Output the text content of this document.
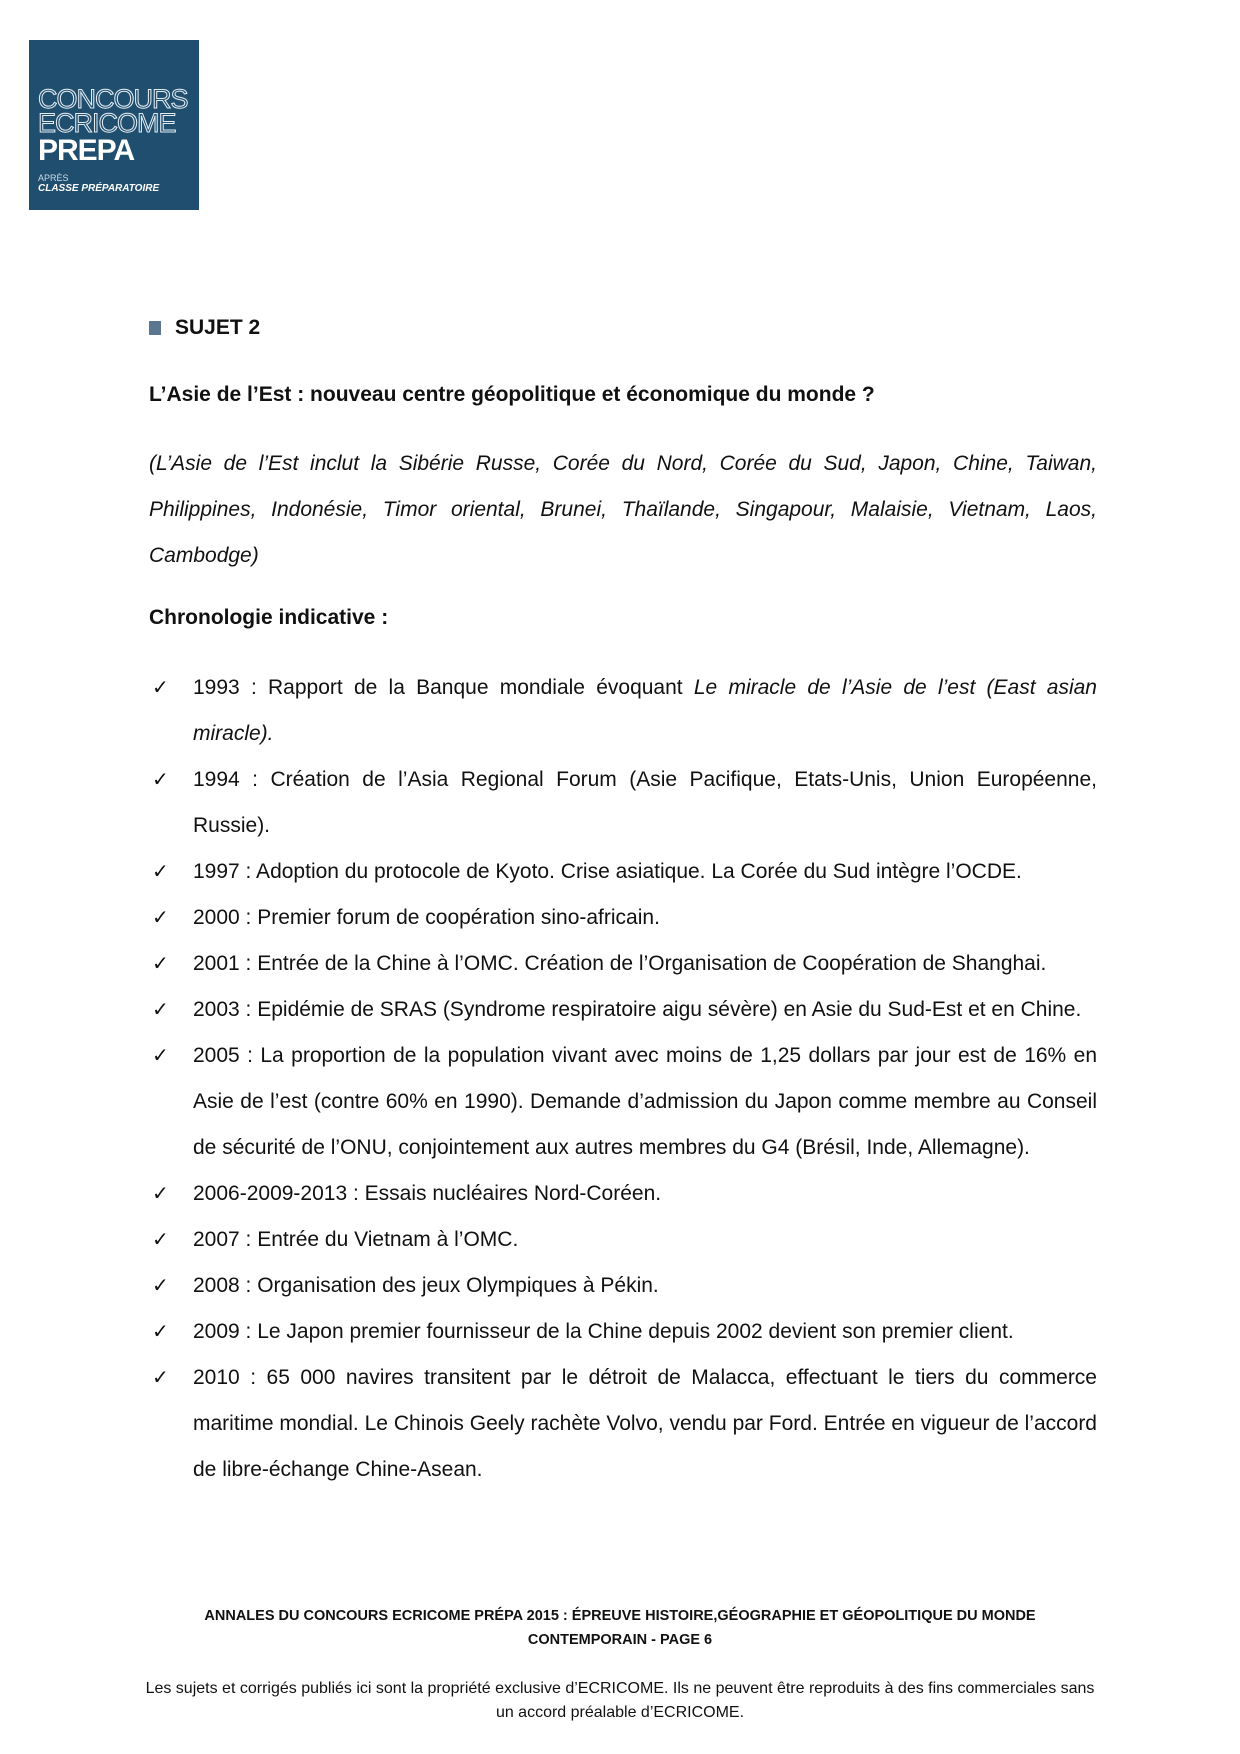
CONCOURS
ECRICOME
PREPA
APRÈS
CLASSE PRÉPARATOIRE
SUJET 2
L’Asie de l’Est : nouveau centre géopolitique et économique du monde ?
(L’Asie de l’Est inclut la Sibérie Russe, Corée du Nord, Corée du Sud, Japon, Chine, Taiwan, Philippines, Indonésie, Timor oriental, Brunei, Thaïlande, Singapour, Malaisie, Vietnam, Laos, Cambodge)
Chronologie indicative :
✓ 1993 : Rapport de la Banque mondiale évoquant Le miracle de l’Asie de l’est (East asian miracle).
✓ 1994 : Création de l’Asia Regional Forum (Asie Pacifique, Etats-Unis, Union Européenne, Russie).
✓ 1997 : Adoption du protocole de Kyoto. Crise asiatique. La Corée du Sud intègre l’OCDE.
✓ 2000 : Premier forum de coopération sino-africain.
✓ 2001 : Entrée de la Chine à l’OMC. Création de l’Organisation de Coopération de Shanghai.
✓ 2003 : Epidémie de SRAS (Syndrome respiratoire aigu sévère) en Asie du Sud-Est et en Chine.
✓ 2005 : La proportion de la population vivant avec moins de 1,25 dollars par jour est de 16% en Asie de l’est (contre 60% en 1990). Demande d’admission du Japon comme membre au Conseil de sécurité de l’ONU, conjointement aux autres membres du G4 (Brésil, Inde, Allemagne).
✓ 2006-2009-2013 : Essais nucléaires Nord-Coréen.
✓ 2007 : Entrée du Vietnam à l’OMC.
✓ 2008 : Organisation des jeux Olympiques à Pékin.
✓ 2009 : Le Japon premier fournisseur de la Chine depuis 2002 devient son premier client.
✓ 2010 : 65 000 navires transitent par le détroit de Malacca, effectuant le tiers du commerce maritime mondial. Le Chinois Geely rachète Volvo, vendu par Ford. Entrée en vigueur de l’accord de libre-échange Chine-Asean.
ANNALES DU CONCOURS ECRICOME PRÉPA 2015 : ÉPREUVE HISTOIRE,GÉOGRAPHIE ET GÉOPOLITIQUE DU MONDE
CONTEMPORAIN - PAGE 6
Les sujets et corrigés publiés ici sont la propriété exclusive d’ECRICOME. Ils ne peuvent être reproduits à des fins commerciales sans un accord préalable d’ECRICOME.
